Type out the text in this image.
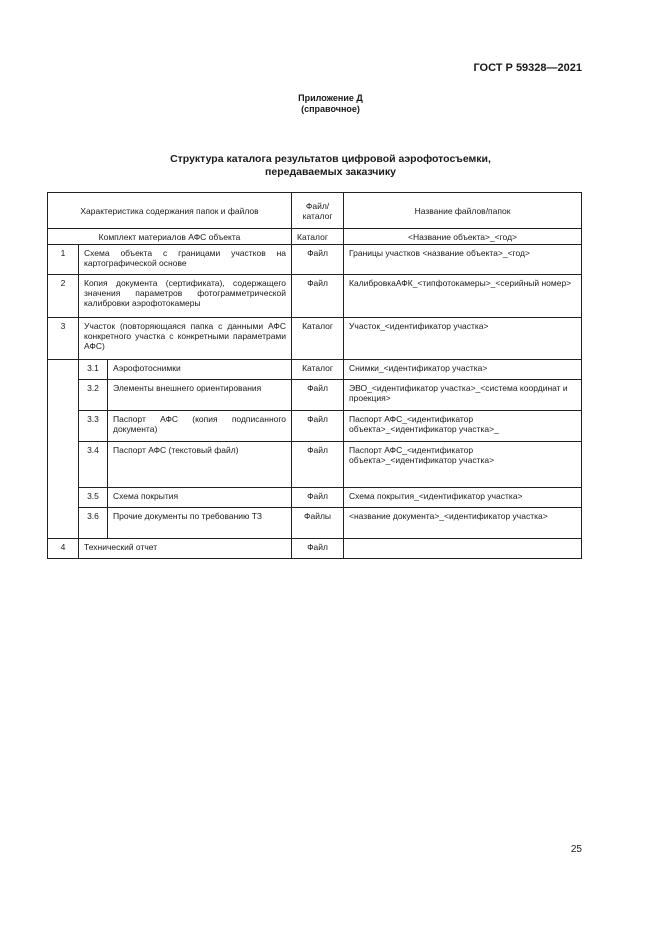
ГОСТ Р 59328—2021
Приложение Д
(справочное)
Структура каталога результатов цифровой аэрофотосъемки,
передаваемых заказчику
Характеристика содержания папок и файлов			Файл/ каталог	Название файлов/папок
Комплект материалов АФС объекта			Каталог	<Название объекта>_<год>
1	Схема объекта с границами участков на картографической основе		Файл	Границы участков <название объекта>_<год>
2	Копия документа (сертификата), содержащего значения параметров фотограмметрической калибровки аэрофотокамеры		Файл	КалибровкаАФК_<типфотокамеры>_<серийный номер>
3	Участок (повторяющаяся папка с данными АФС конкретного участка с конкретными параметрами АФС)		Каталог	Участок_<идентификатор участка>
	3.1	Аэрофотоснимки	Каталог	Снимки_<идентификатор участка>
	3.2	Элементы внешнего ориентирования	Файл	ЭВО_<идентификатор участка>_<система координат и проекция>
	3.3	Паспорт АФС (копия подписанного документа)	Файл	Паспорт АФС_<идентификатор объекта>_<идентификатор участка>_
	3.4	Паспорт АФС (текстовый файл)	Файл	Паспорт АФС_<идентификатор объекта>_<идентификатор участка>
	3.5	Схема покрытия	Файл	Схема покрытия_<идентификатор участка>
	3.6	Прочие документы по требованию ТЗ	Файлы	<название документа>_<идентификатор участка>
4	Технический отчет		Файл	
25
